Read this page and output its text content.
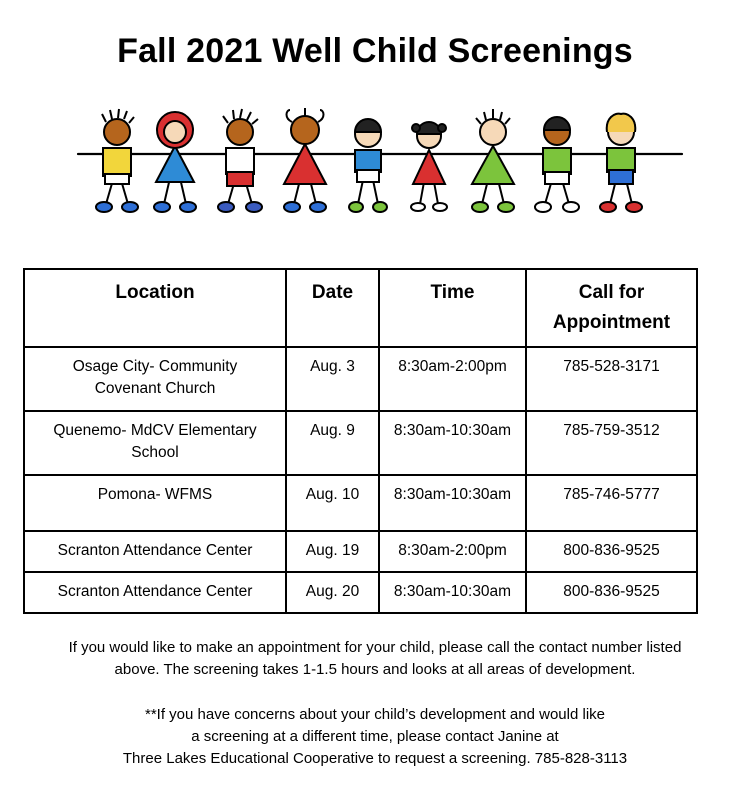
Fall 2021 Well Child Screenings
Location	Date	Time	Call for
Appointment
Osage City- Community
Covenant Church	Aug. 3	8:30am-2:00pm	785-528-3171
Quenemo- MdCV Elementary
School	Aug. 9	8:30am-10:30am	785-759-3512
Pomona- WFMS	Aug. 10	8:30am-10:30am	785-746-5777
Scranton Attendance Center	Aug. 19	8:30am-2:00pm	800-836-9525
Scranton Attendance Center	Aug. 20	8:30am-10:30am	800-836-9525
If you would like to make an appointment for your child, please call the contact number listed
above. The screening takes 1-1.5 hours and looks at all areas of development.
**If you have concerns about your child’s development and would like
a screening at a different time, please contact Janine at
Three Lakes Educational Cooperative to request a screening. 785-828-3113
